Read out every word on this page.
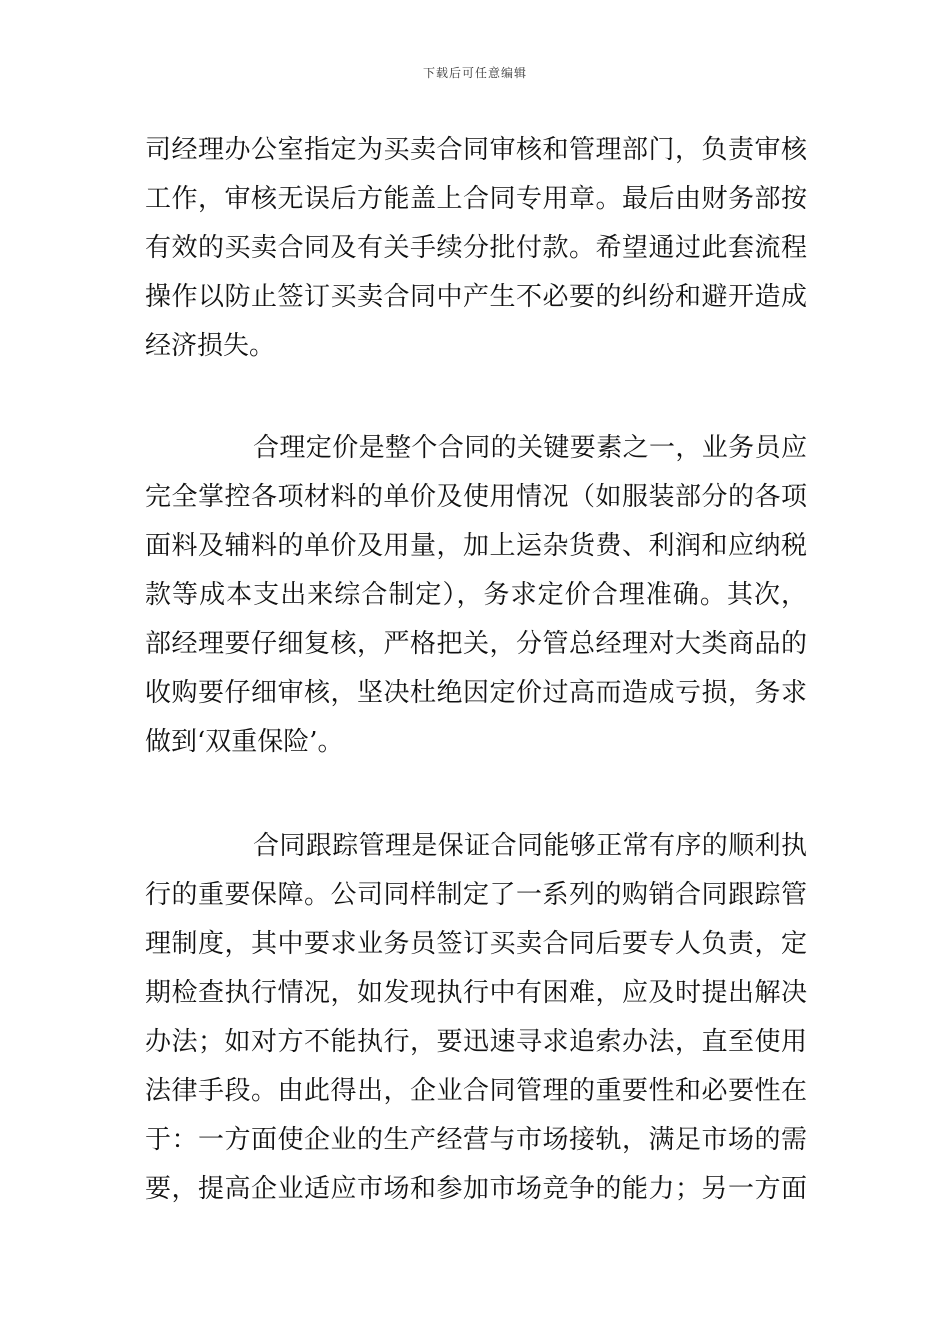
下载后可任意编辑
司经理办公室指定为买卖合同审核和管理部门，负责审核
工作，审核无误后方能盖上合同专用章。最后由财务部按
有效的买卖合同及有关手续分批付款。希望通过此套流程
操作以防止签订买卖合同中产生不必要的纠纷和避开造成
经济损失。
合理定价是整个合同的关键要素之一，业务员应
完全掌控各项材料的单价及使用情况（如服装部分的各项
面料及辅料的单价及用量，加上运杂货费、利润和应纳税
款等成本支出来综合制定），务求定价合理准确。其次，
部经理要仔细复核，严格把关，分管总经理对大类商品的
收购要仔细审核，坚决杜绝因定价过高而造成亏损，务求
做到‘双重保险’。
合同跟踪管理是保证合同能够正常有序的顺利执
行的重要保障。公司同样制定了一系列的购销合同跟踪管
理制度，其中要求业务员签订买卖合同后要专人负责，定
期检查执行情况，如发现执行中有困难，应及时提出解决
办法；如对方不能执行，要迅速寻求追索办法，直至使用
法律手段。由此得出，企业合同管理的重要性和必要性在
于：一方面使企业的生产经营与市场接轨，满足市场的需
要，提高企业适应市场和参加市场竞争的能力；另一方面
